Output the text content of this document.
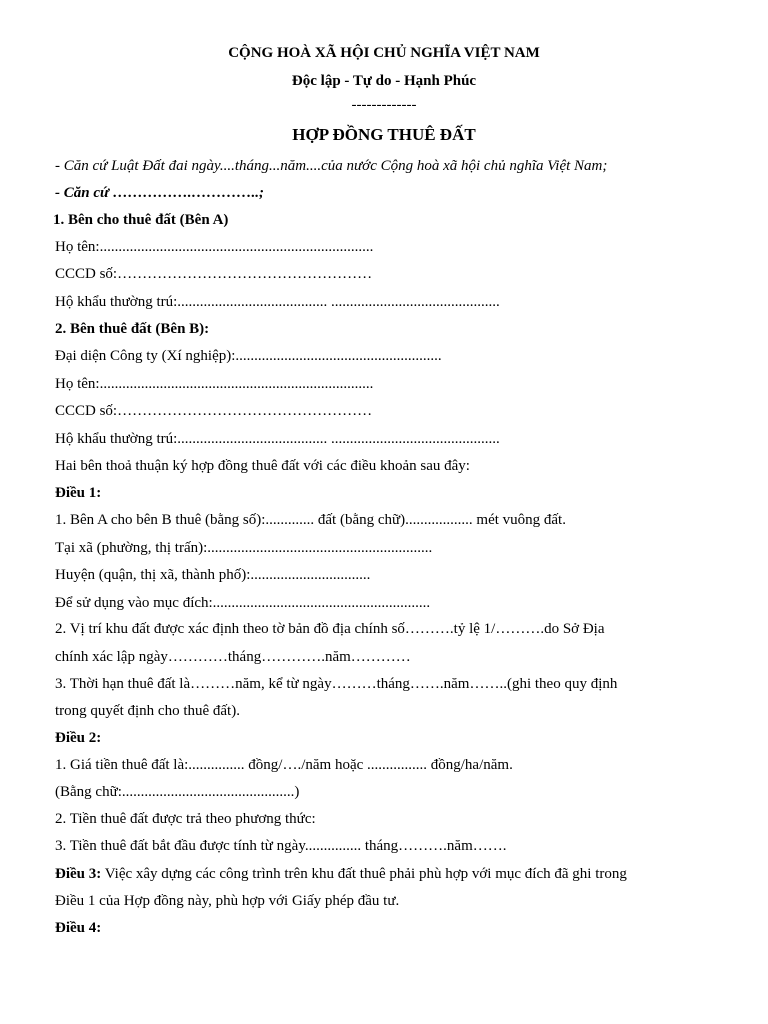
CỘNG HOÀ XÃ HỘI CHỦ NGHĨA VIỆT NAM
Độc lập - Tự do - Hạnh Phúc
-------------
HỢP ĐỒNG THUÊ ĐẤT
- Căn cứ Luật Đất đai ngày....tháng...năm....của nước Cộng hoà xã hội chủ nghĩa Việt Nam;
- Căn cứ …………….…………..;
1. Bên cho thuê đất (Bên A)
Họ tên:.........................................................................
CCCD số:……………………………………………
Hộ khẩu thường trú:........................................ .............................................
2. Bên thuê đất (Bên B):
Đại diện Công ty (Xí nghiệp):.......................................................
Họ tên:.........................................................................
CCCD số:……………………………………………
Hộ khẩu thường trú:........................................ .............................................
Hai bên thoả thuận ký hợp đồng thuê đất với các điều khoản sau đây:
Điều 1:
1. Bên A cho bên B thuê (bằng số):............. đất (bằng chữ).................. mét vuông đất.
Tại xã (phường, thị trấn):............................................................
Huyện (quận, thị xã, thành phố):................................
Để sử dụng vào mục đích:..........................................................
2. Vị trí khu đất được xác định theo tờ bản đồ địa chính số……….tỷ lệ 1/……….do Sở Địa
chính xác lập ngày…………tháng………….năm…………
3. Thời hạn thuê đất là………năm, kể từ ngày………tháng…….năm……..(ghi theo quy định
trong quyết định cho thuê đất).
Điều 2:
1. Giá tiền thuê đất là:............... đồng/…./năm hoặc ................ đồng/ha/năm.
(Bằng chữ:..............................................)
2. Tiền thuê đất được trả theo phương thức:
3. Tiền thuê đất bắt đầu được tính từ ngày............... tháng……….năm…….
Điều 3: Việc xây dựng các công trình trên khu đất thuê phải phù hợp với mục đích đã ghi trong
Điều 1 của Hợp đồng này, phù hợp với Giấy phép đầu tư.
Điều 4:
